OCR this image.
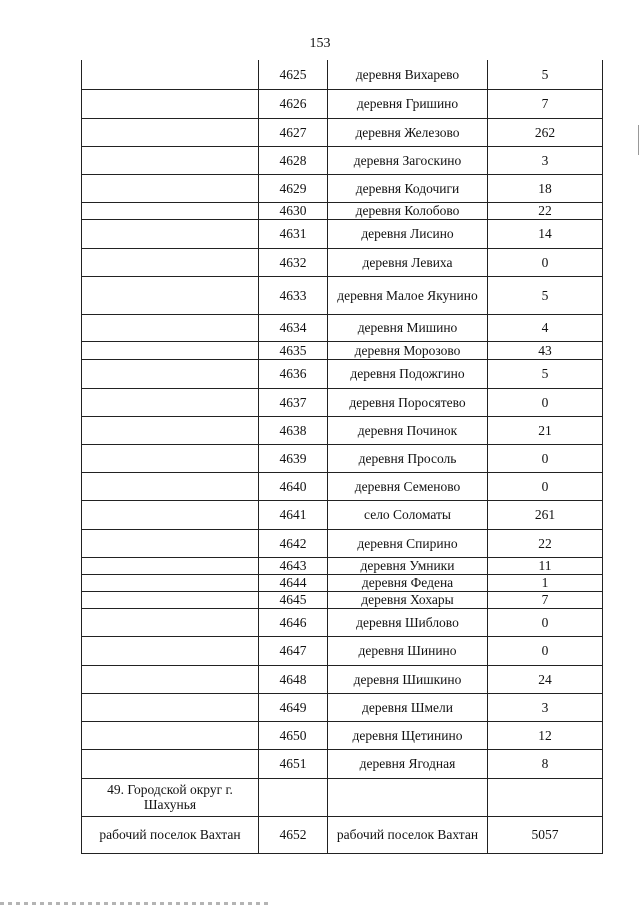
153
	4625	деревня Вихарево	5
	4626	деревня Гришино	7
	4627	деревня Железово	262
	4628	деревня Загоскино	3
	4629	деревня Кодочиги	18
	4630	деревня Колобово	22
	4631	деревня Лисино	14
	4632	деревня Левиха	0
	4633	деревня Малое Якунино	5
	4634	деревня Мишино	4
	4635	деревня Морозово	43
	4636	деревня Подожгино	5
	4637	деревня Поросятево	0
	4638	деревня Починок	21
	4639	деревня Просоль	0
	4640	деревня Семеново	0
	4641	село Соломаты	261
	4642	деревня Спирино	22
	4643	деревня Умники	11
	4644	деревня Федена	1
	4645	деревня Хохары	7
	4646	деревня Шиблово	0
	4647	деревня Шинино	0
	4648	деревня Шишкино	24
	4649	деревня Шмели	3
	4650	деревня Щетинино	12
	4651	деревня Ягодная	8
49. Городской округ г. Шахунья			
рабочий поселок Вахтан	4652	рабочий поселок Вахтан	5057
